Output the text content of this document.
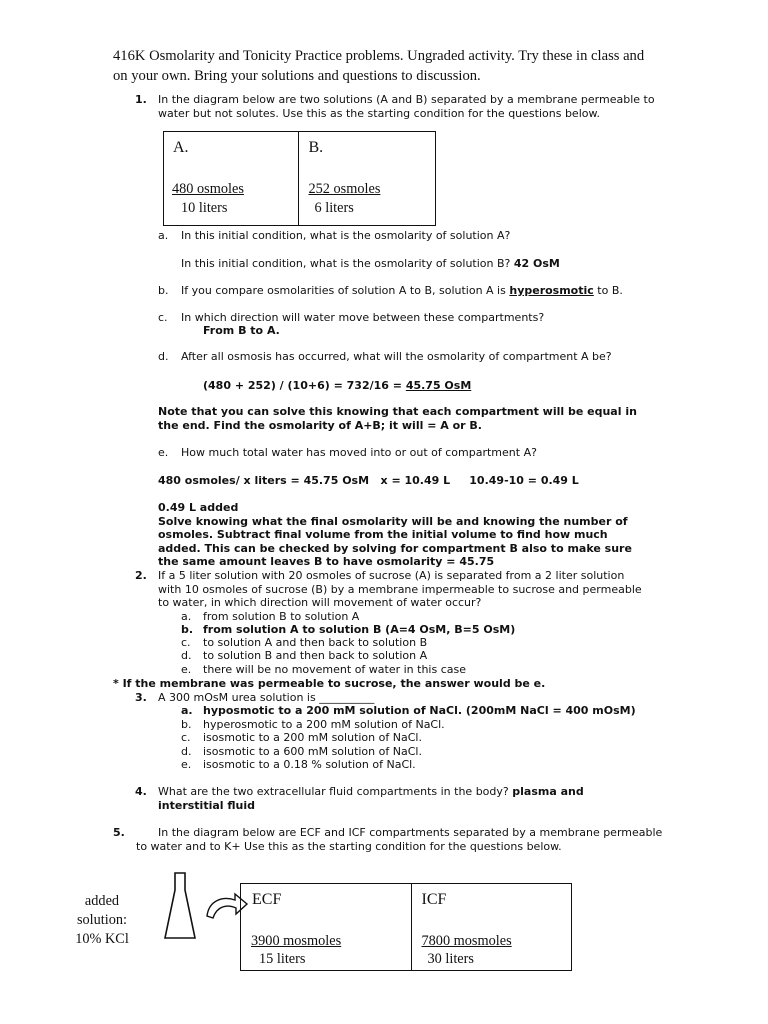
416K Osmolarity and Tonicity Practice problems. Ungraded activity. Try these in class and
on your own. Bring your solutions and questions to discussion.
1. In the diagram below are two solutions (A and B) separated by a membrane permeable to
water but not solutes. Use this as the starting condition for the questions below.
A.
480 osmoles
10 liters
B.
252 osmoles
6 liters
a. In this initial condition, what is the osmolarity of solution A?
In this initial condition, what is the osmolarity of solution B? 42 OsM
b. If you compare osmolarities of solution A to B, solution A is hyperosmotic to B.
c. In which direction will water move between these compartments?
From B to A.
d. After all osmosis has occurred, what will the osmolarity of compartment A be?
(480 + 252) / (10+6) = 732/16 = 45.75 OsM
Note that you can solve this knowing that each compartment will be equal in
the end. Find the osmolarity of A+B; it will = A or B.
e. How much total water has moved into or out of compartment A?
480 osmoles/ x liters = 45.75 OsM   x = 10.49 L     10.49-10 = 0.49 L
0.49 L added
Solve knowing what the final osmolarity will be and knowing the number of
osmoles. Subtract final volume from the initial volume to find how much
added. This can be checked by solving for compartment B also to make sure
the same amount leaves B to have osmolarity = 45.75
2. If a 5 liter solution with 20 osmoles of sucrose (A) is separated from a 2 liter solution
with 10 osmoles of sucrose (B) by a membrane impermeable to sucrose and permeable
to water, in which direction will movement of water occur?
a. from solution B to solution A
b. from solution A to solution B (A=4 OsM, B=5 OsM)
c. to solution A and then back to solution B
d. to solution B and then back to solution A
e. there will be no movement of water in this case
* If the membrane was permeable to sucrose, the answer would be e.
3. A 300 mOsM urea solution is __________
a. hyposmotic to a 200 mM solution of NaCl. (200mM NaCl = 400 mOsM)
b. hyperosmotic to a 200 mM solution of NaCl.
c. isosmotic to a 200 mM solution of NaCl.
d. isosmotic to a 600 mM solution of NaCl.
e. isosmotic to a 0.18 % solution of NaCl.
4. What are the two extracellular fluid compartments in the body? plasma and
interstitial fluid
5.	In the diagram below are ECF and ICF compartments separated by a membrane permeable
to water and to K+ Use this as the starting condition for the questions below.
added
solution:
10% KCl
ECF
3900 mosmoles
15 liters
ICF
7800 mosmoles
30 liters
